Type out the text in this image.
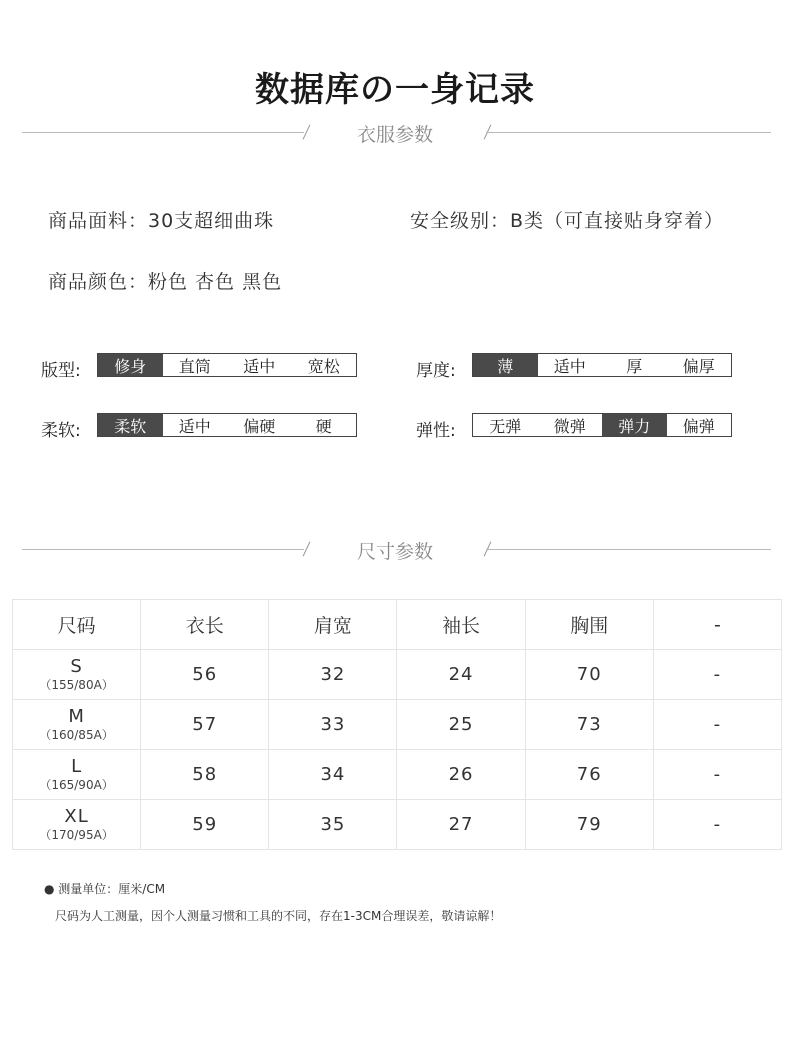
数据库の一身记录
衣服参数
商品面料：30支超细曲珠	安全级别：B类（可直接贴身穿着）
商品颜色：粉色 杏色 黑色
版型:	修身	直筒	适中	宽松	厚度:	薄	适中	厚	偏厚
柔软:	柔软	适中	偏硬	硬	弹性:	无弹	微弹	弹力	偏弹
尺寸参数
尺码	衣长	肩宽	袖长	胸围	-

S
（155/80A）	56	32	24	70	-

M
（160/85A）	57	33	25	73	-

L
（165/90A）	58	34	26	76	-

XL
（170/95A）	59	35	27	79	-
● 测量单位：厘米/CM
尺码为人工测量，因个人测量习惯和工具的不同，存在1-3CM合理误差，敬请谅解！
